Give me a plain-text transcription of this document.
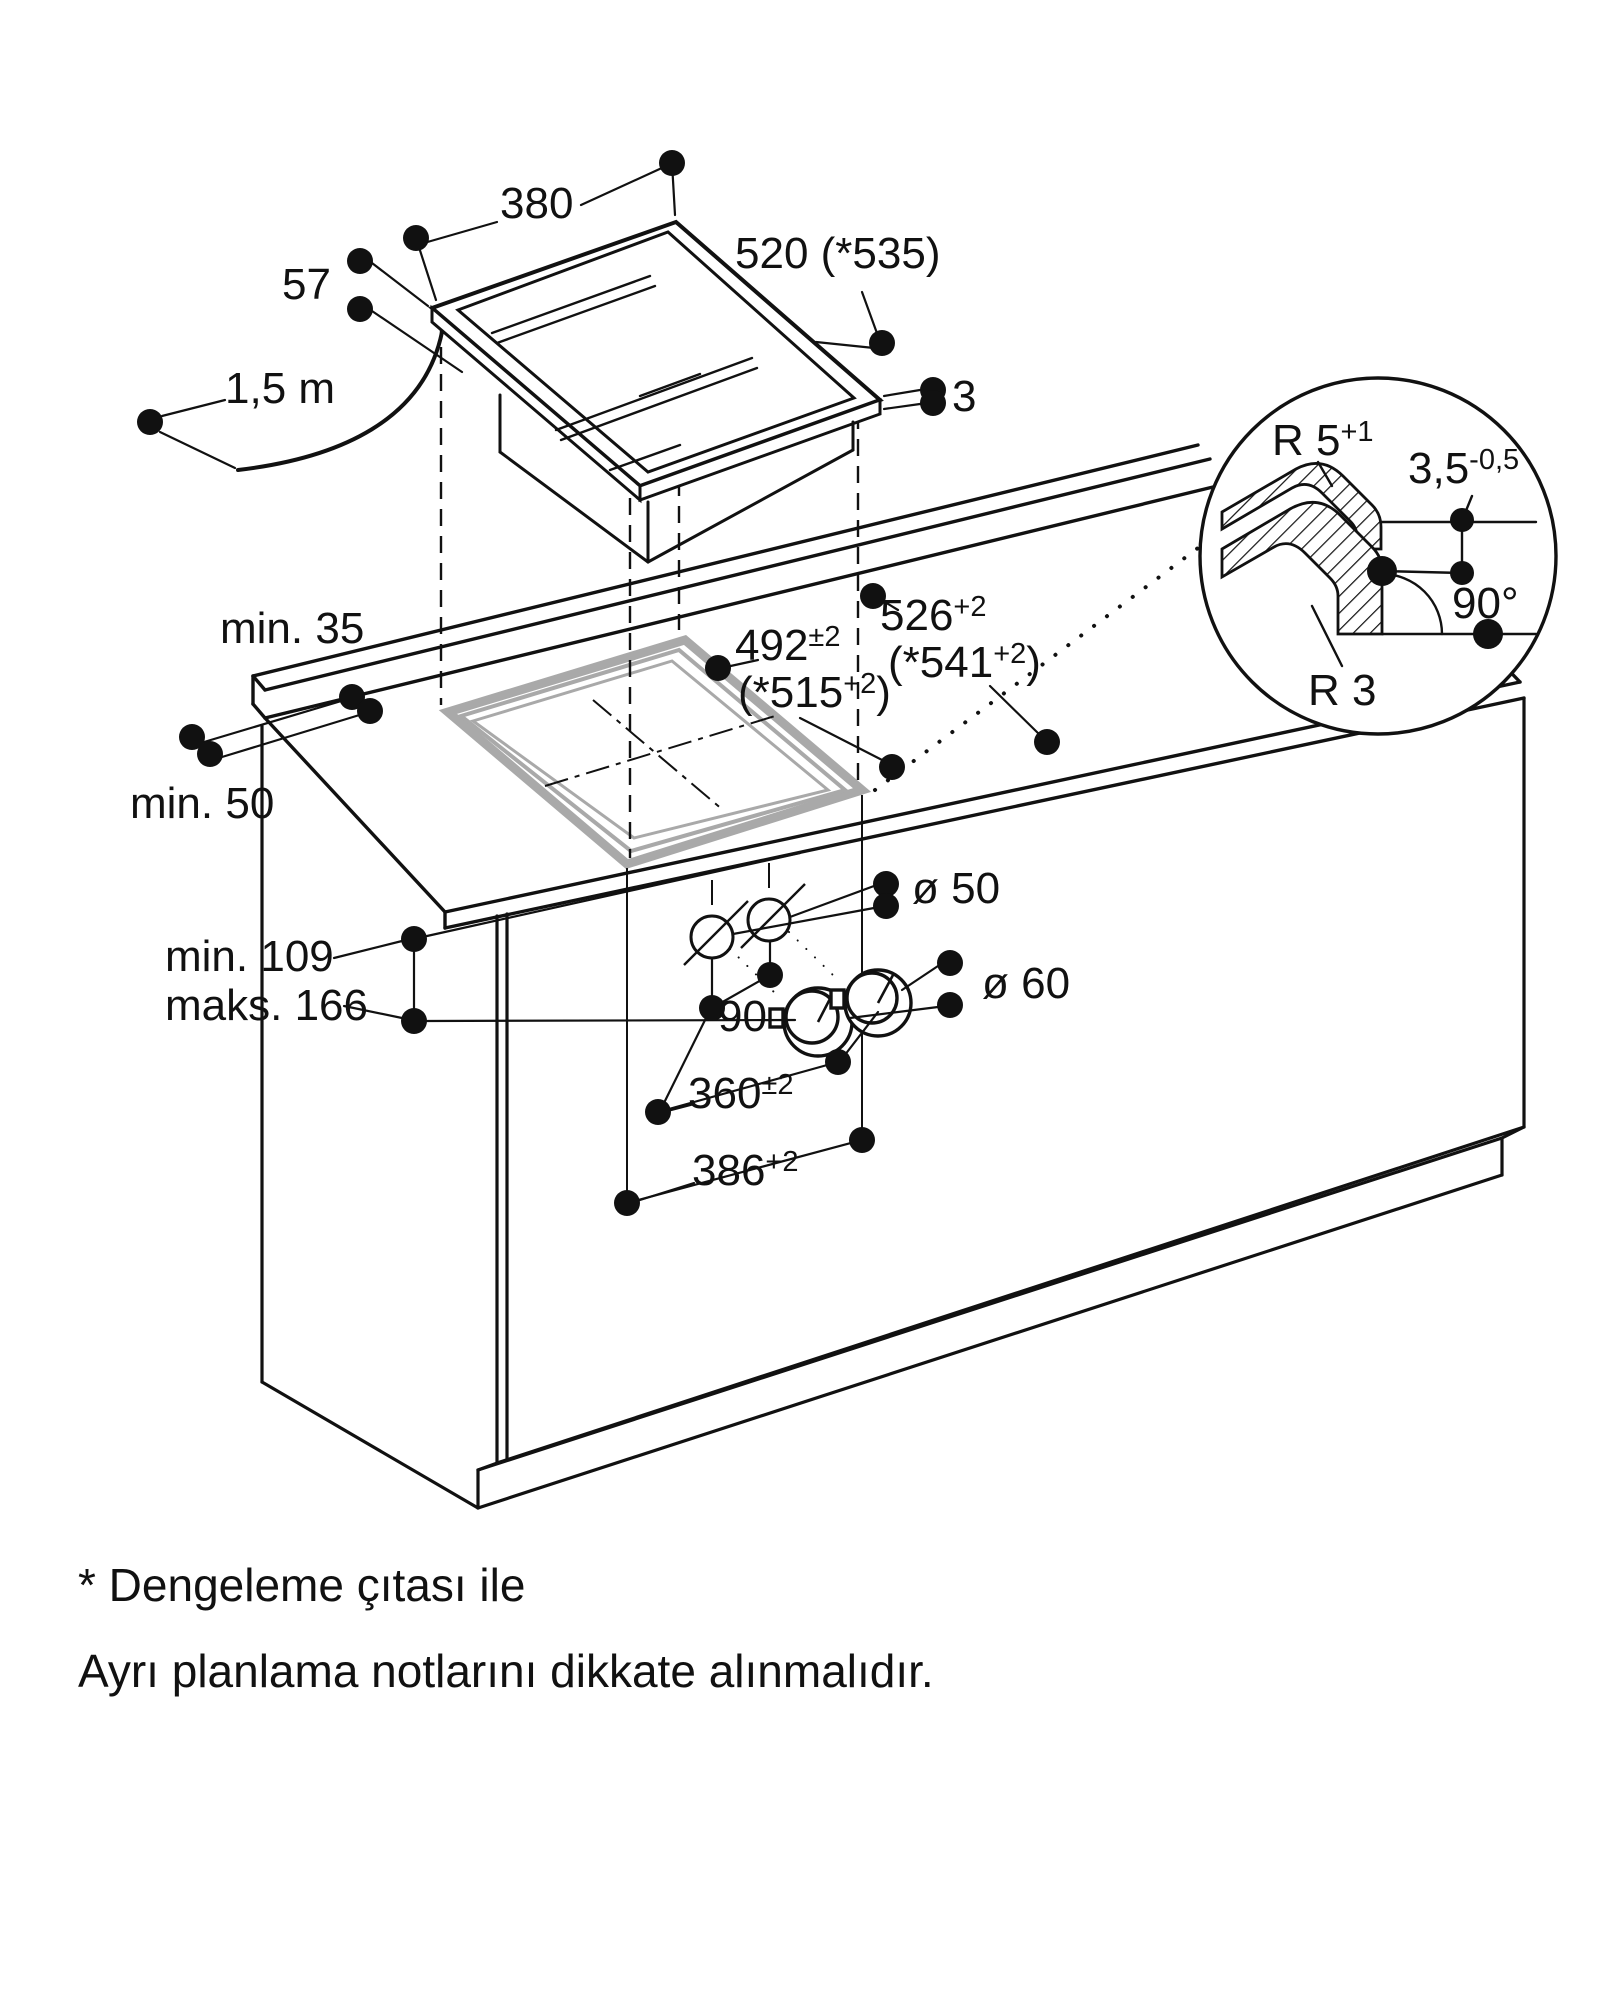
380
57
520 (*535)
3
1,5 m
min. 35
min. 50
$492^{\pm 2}$
$(*515^{+2})$
$526^{+2}$
$(*541^{+2})$
min. 109
maks. 166
ø 50
ø 60
90
$360^{\pm 2}$
$386^{+2}$
R $5^{+1}$
$3,5^{-0,5}$
90°
R 3
* Dengeleme çıtası ile
Ayrı planlama notlarını dikkate alınmalıdır.
